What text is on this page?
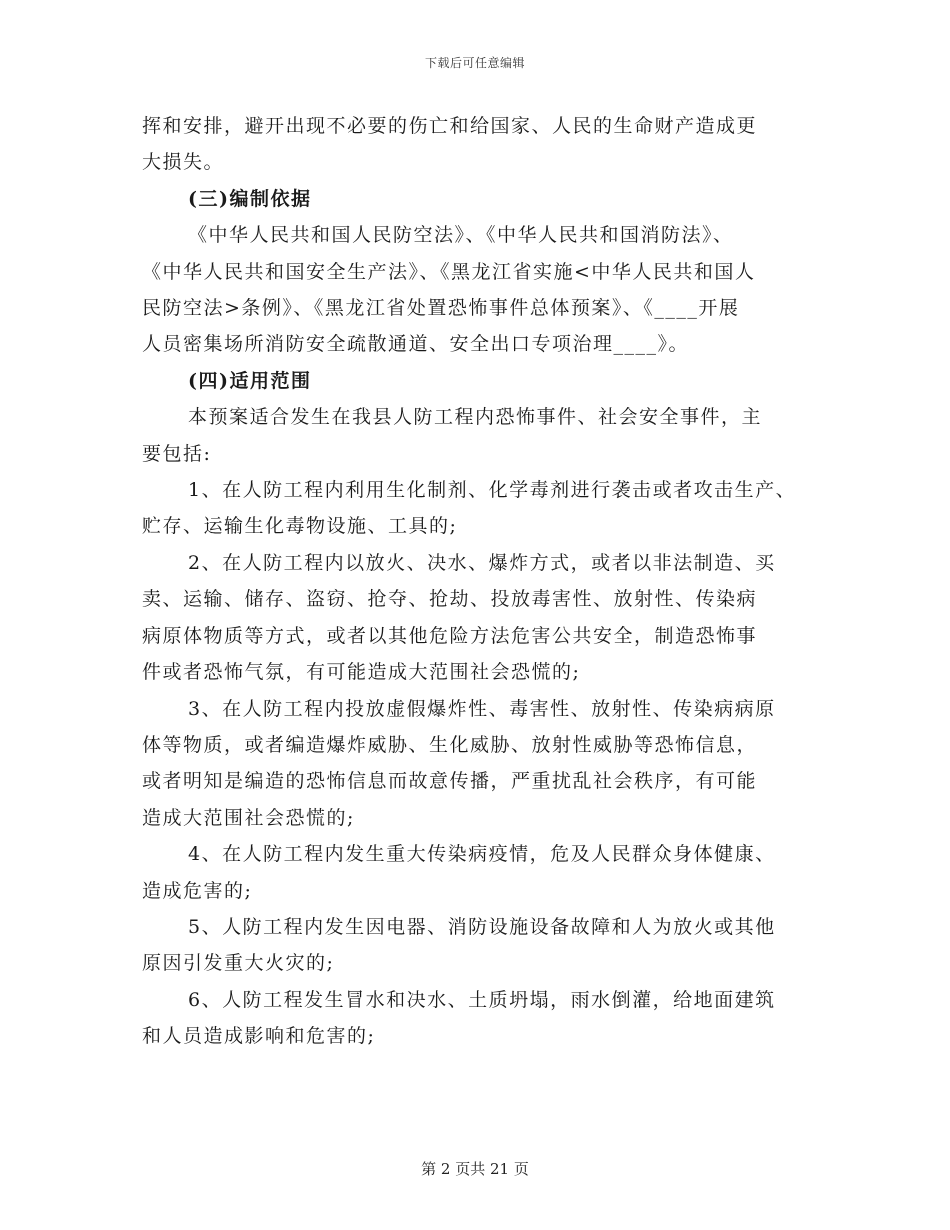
下载后可任意编辑
挥和安排，避开出现不必要的伤亡和给国家、人民的生命财产造成更
大损失。
(三)编制依据
《中华人民共和国人民防空法》、《中华人民共和国消防法》、
《中华人民共和国安全生产法》、《黑龙江省实施<中华人民共和国人
民防空法>条例》、《黑龙江省处置恐怖事件总体预案》、《____开展
人员密集场所消防安全疏散通道、安全出口专项治理____》。
(四)适用范围
本预案适合发生在我县人防工程内恐怖事件、社会安全事件，主
要包括:
1、在人防工程内利用生化制剂、化学毒剂进行袭击或者攻击生产、
贮存、运输生化毒物设施、工具的;
2、在人防工程内以放火、决水、爆炸方式，或者以非法制造、买
卖、运输、储存、盗窃、抢夺、抢劫、投放毒害性、放射性、传染病
病原体物质等方式，或者以其他危险方法危害公共安全，制造恐怖事
件或者恐怖气氛，有可能造成大范围社会恐慌的;
3、在人防工程内投放虚假爆炸性、毒害性、放射性、传染病病原
体等物质，或者编造爆炸威胁、生化威胁、放射性威胁等恐怖信息，
或者明知是编造的恐怖信息而故意传播，严重扰乱社会秩序，有可能
造成大范围社会恐慌的;
4、在人防工程内发生重大传染病疫情，危及人民群众身体健康、
造成危害的;
5、人防工程内发生因电器、消防设施设备故障和人为放火或其他
原因引发重大火灾的;
6、人防工程发生冒水和决水、土质坍塌，雨水倒灌，给地面建筑
和人员造成影响和危害的;
第 2 页共 21 页
